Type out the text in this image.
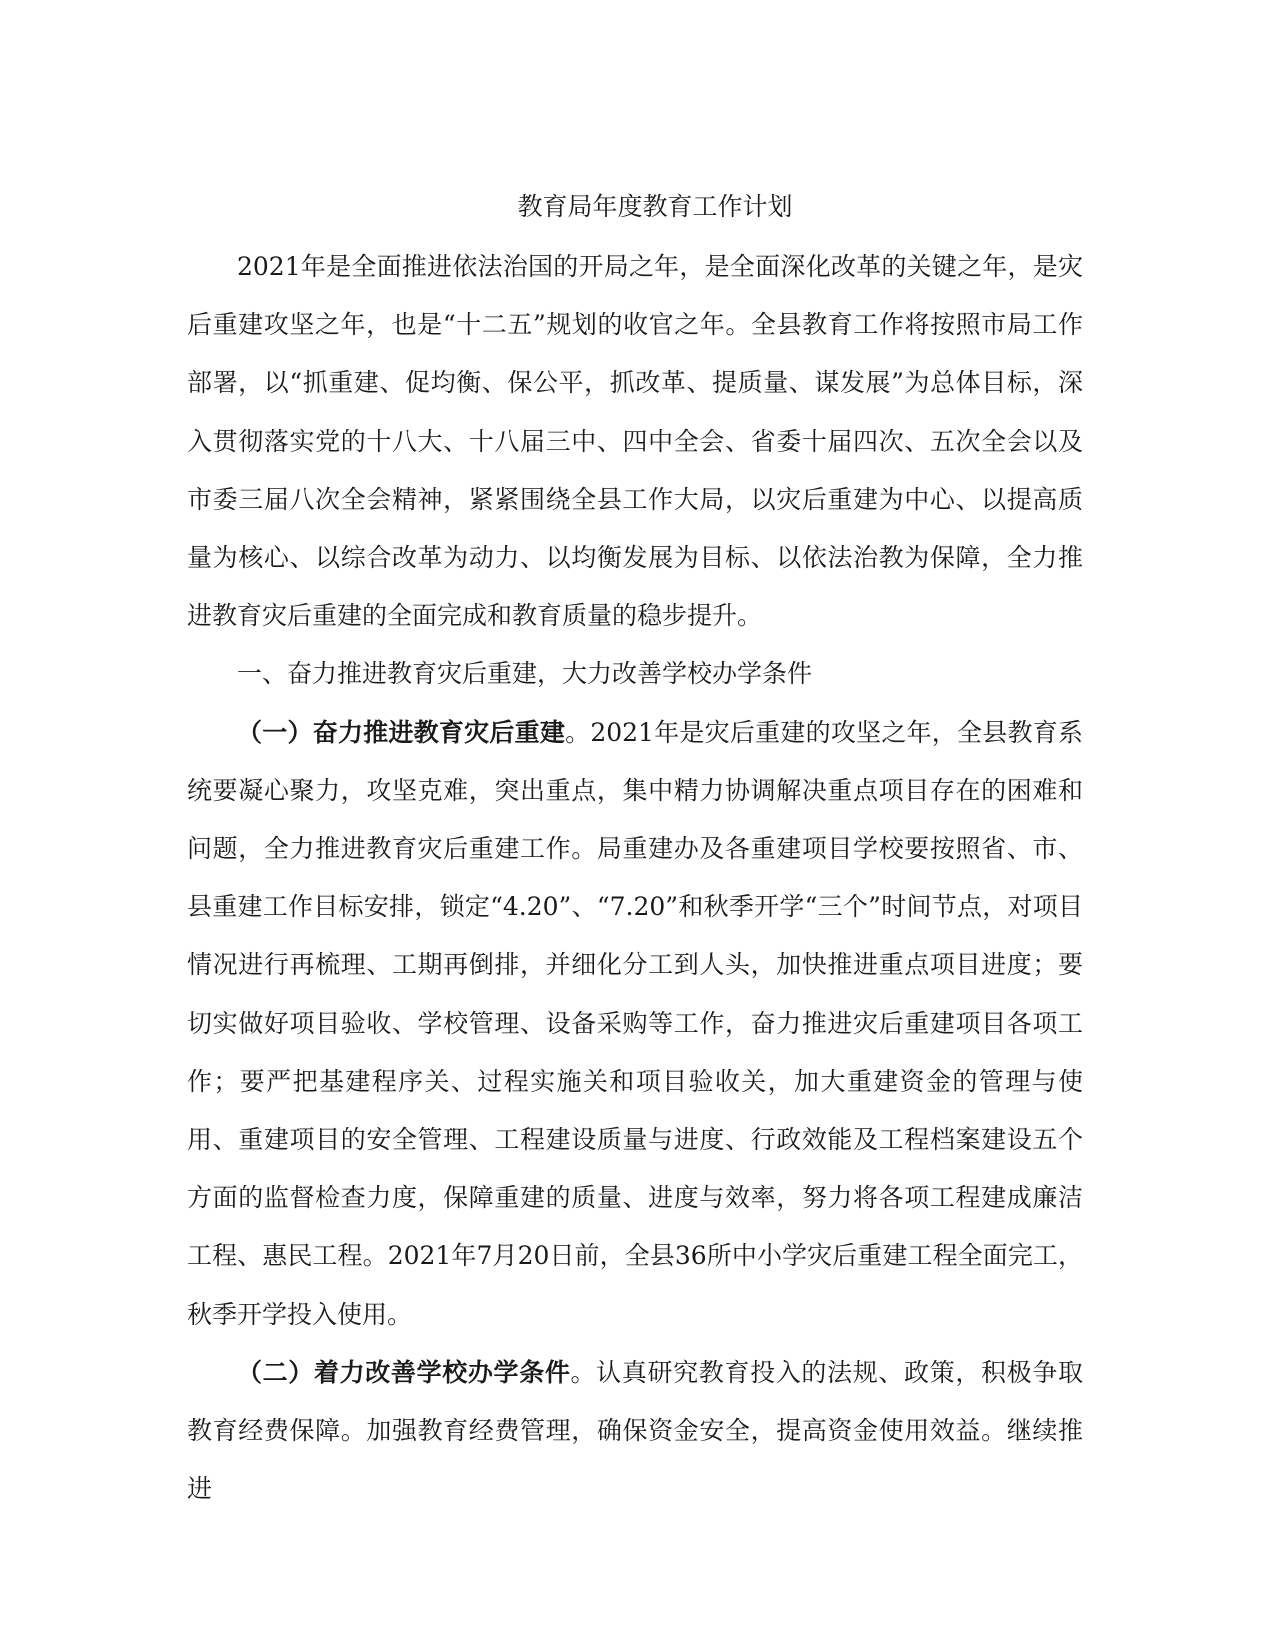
教育局年度教育工作计划

2021年是全面推进依法治国的开局之年，是全面深化改革的关键之年，是灾后重建攻坚之年，也是“十二五”规划的收官之年。全县教育工作将按照市局工作部署，以“抓重建、促均衡、保公平，抓改革、提质量、谋发展”为总体目标，深入贯彻落实党的十八大、十八届三中、四中全会、省委十届四次、五次全会以及市委三届八次全会精神，紧紧围绕全县工作大局，以灾后重建为中心、以提高质量为核心、以综合改革为动力、以均衡发展为目标、以依法治教为保障，全力推进教育灾后重建的全面完成和教育质量的稳步提升。

一、奋力推进教育灾后重建，大力改善学校办学条件

（一）奋力推进教育灾后重建。2021年是灾后重建的攻坚之年，全县教育系统要凝心聚力，攻坚克难，突出重点，集中精力协调解决重点项目存在的困难和问题，全力推进教育灾后重建工作。局重建办及各重建项目学校要按照省、市、县重建工作目标安排，锁定“4.20”、“7.20”和秋季开学“三个”时间节点，对项目情况进行再梳理、工期再倒排，并细化分工到人头，加快推进重点项目进度；要切实做好项目验收、学校管理、设备采购等工作，奋力推进灾后重建项目各项工作；要严把基建程序关、过程实施关和项目验收关，加大重建资金的管理与使用、重建项目的安全管理、工程建设质量与进度、行政效能及工程档案建设五个方面的监督检查力度，保障重建的质量、进度与效率，努力将各项工程建成廉洁工程、惠民工程。2021年7月20日前，全县36所中小学灾后重建工程全面完工，秋季开学投入使用。

（二）着力改善学校办学条件。认真研究教育投入的法规、政策，积极争取教育经费保障。加强教育经费管理，确保资金安全，提高资金使用效益。继续推进
